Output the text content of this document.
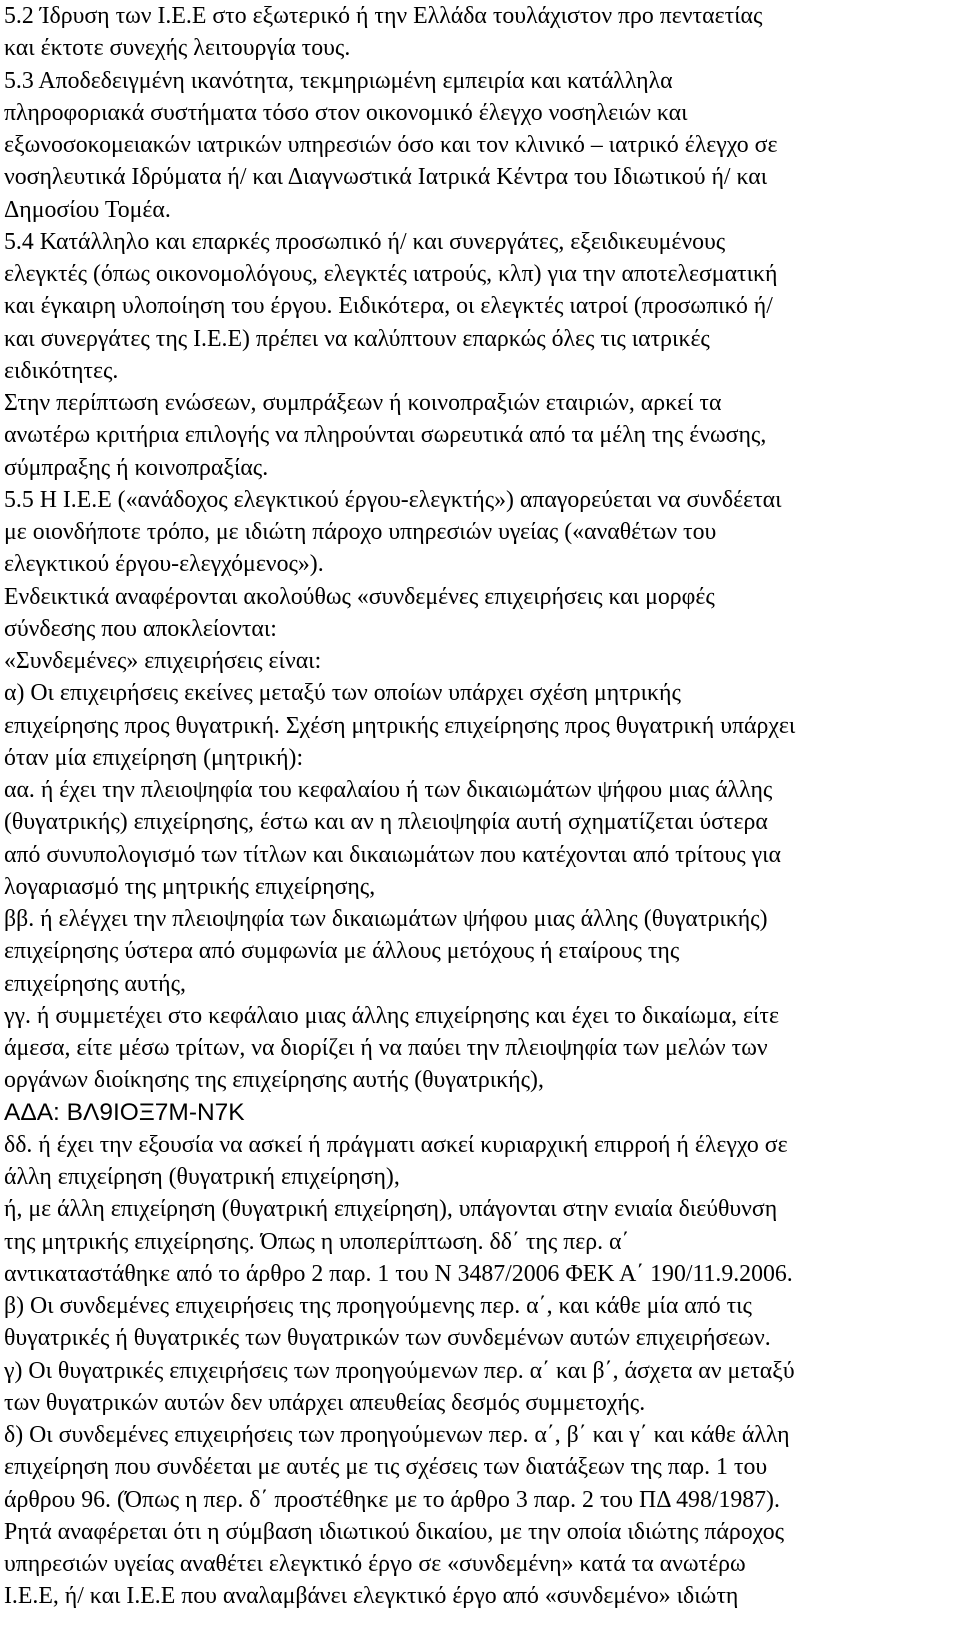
5.2 Ίδρυση των Ι.Ε.Ε στο εξωτερικό ή την Ελλάδα τουλάχιστον προ πενταετίας

και έκτοτε συνεχής λειτουργία τους.

5.3 Αποδεδειγμένη ικανότητα, τεκμηριωμένη εμπειρία και κατάλληλα

πληροφοριακά συστήματα τόσο στον οικονομικό έλεγχο νοσηλειών και

εξωνοσοκομειακών ιατρικών υπηρεσιών όσο και τον κλινικό – ιατρικό έλεγχο σε

νοσηλευτικά Ιδρύματα ή/ και Διαγνωστικά Ιατρικά Κέντρα του Ιδιωτικού ή/ και

Δημοσίου Τομέα.

5.4 Κατάλληλο και επαρκές προσωπικό ή/ και συνεργάτες, εξειδικευμένους

ελεγκτές (όπως οικονομολόγους, ελεγκτές ιατρούς, κλπ) για την αποτελεσματική

και έγκαιρη υλοποίηση του έργου. Ειδικότερα, οι ελεγκτές ιατροί (προσωπικό ή/

και συνεργάτες της Ι.Ε.Ε) πρέπει να καλύπτουν επαρκώς όλες τις ιατρικές

ειδικότητες.

Στην περίπτωση ενώσεων, συμπράξεων ή κοινοπραξιών εταιριών, αρκεί τα

ανωτέρω κριτήρια επιλογής να πληρούνται σωρευτικά από τα μέλη της ένωσης,

σύμπραξης ή κοινοπραξίας.

5.5 Η Ι.Ε.Ε («ανάδοχος ελεγκτικού έργου-ελεγκτής») απαγορεύεται να συνδέεται

με οιονδήποτε τρόπο, με ιδιώτη πάροχο υπηρεσιών υγείας («αναθέτων του

ελεγκτικού έργου-ελεγχόμενος»).

Ενδεικτικά αναφέρονται ακολούθως «συνδεμένες επιχειρήσεις και μορφές

σύνδεσης που αποκλείονται:

«Συνδεμένες» επιχειρήσεις είναι:

α) Οι επιχειρήσεις εκείνες μεταξύ των οποίων υπάρχει σχέση μητρικής

επιχείρησης προς θυγατρική. Σχέση μητρικής επιχείρησης προς θυγατρική υπάρχει

όταν μία επιχείρηση (μητρική):

αα. ή έχει την πλειοψηφία του κεφαλαίου ή των δικαιωμάτων ψήφου μιας άλλης

(θυγατρικής) επιχείρησης, έστω και αν η πλειοψηφία αυτή σχηματίζεται ύστερα

από συνυπολογισμό των τίτλων και δικαιωμάτων που κατέχονται από τρίτους για

λογαριασμό της μητρικής επιχείρησης,

ββ. ή ελέγχει την πλειοψηφία των δικαιωμάτων ψήφου μιας άλλης (θυγατρικής)

επιχείρησης ύστερα από συμφωνία με άλλους μετόχους ή εταίρους της

επιχείρησης αυτής,

γγ. ή συμμετέχει στο κεφάλαιο μιας άλλης επιχείρησης και έχει το δικαίωμα, είτε

άμεσα, είτε μέσω τρίτων, να διορίζει ή να παύει την πλειοψηφία των μελών των

οργάνων διοίκησης της επιχείρησης αυτής (θυγατρικής),

ΑΔΑ: ΒΛ9ΙΟΞ7Μ-Ν7Κ

δδ. ή έχει την εξουσία να ασκεί ή πράγματι ασκεί κυριαρχική επιρροή ή έλεγχο σε

άλλη επιχείρηση (θυγατρική επιχείρηση),

ή, με άλλη επιχείρηση (θυγατρική επιχείρηση), υπάγονται στην ενιαία διεύθυνση

της μητρικής επιχείρησης. Όπως η υποπερίπτωση. δδ΄ της περ. α΄

αντικαταστάθηκε από το άρθρο 2 παρ. 1 του Ν 3487/2006 ΦΕΚ Α΄ 190/11.9.2006.

β) Οι συνδεμένες επιχειρήσεις της προηγούμενης περ. α΄, και κάθε μία από τις

θυγατρικές ή θυγατρικές των θυγατρικών των συνδεμένων αυτών επιχειρήσεων.

γ) Οι θυγατρικές επιχειρήσεις των προηγούμενων περ. α΄ και β΄, άσχετα αν μεταξύ

των θυγατρικών αυτών δεν υπάρχει απευθείας δεσμός συμμετοχής.

δ) Οι συνδεμένες επιχειρήσεις των προηγούμενων περ. α΄, β΄ και γ΄ και κάθε άλλη

επιχείρηση που συνδέεται με αυτές με τις σχέσεις των διατάξεων της παρ. 1 του

άρθρου 96. (Όπως η περ. δ΄ προστέθηκε με το άρθρο 3 παρ. 2 του ΠΔ 498/1987).

Ρητά αναφέρεται ότι η σύμβαση ιδιωτικού δικαίου, με την οποία ιδιώτης πάροχος

υπηρεσιών υγείας αναθέτει ελεγκτικό έργο σε «συνδεμένη» κατά τα ανωτέρω

Ι.Ε.Ε, ή/ και Ι.Ε.Ε που αναλαμβάνει ελεγκτικό έργο από «συνδεμένο» ιδιώτη
